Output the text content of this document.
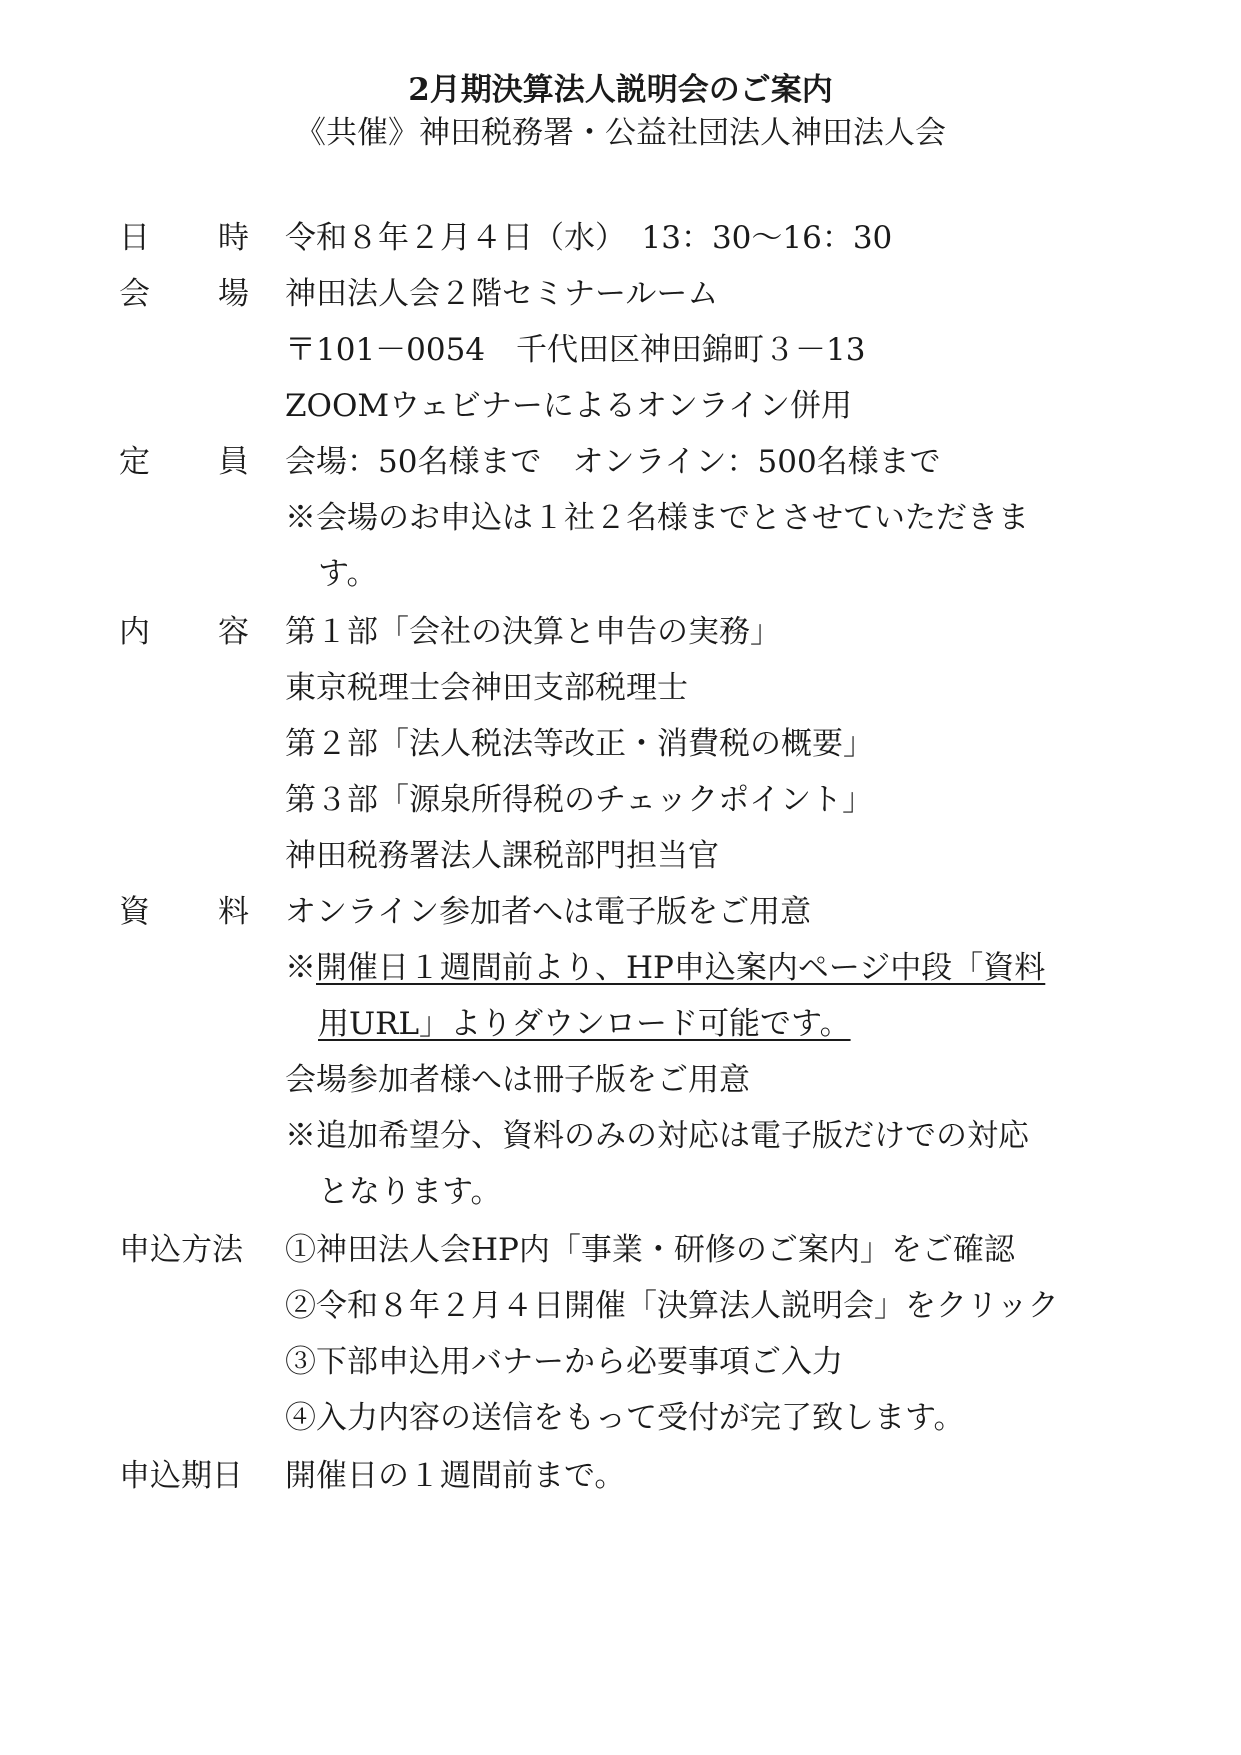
2月期決算法人説明会のご案内
《共催》神田税務署・公益社団法人神田法人会
日 時 令和８年２月４日（水）　13：30～16：30
会 場 神田法人会２階セミナールーム
〒101－0054　千代田区神田錦町３－13
ZOOMウェビナーによるオンライン併用
定 員 会場：50名様まで　オンライン：500名様まで
※会場のお申込は１社２名様までとさせていただきま
す。
内 容 第１部「会社の決算と申告の実務」
東京税理士会神田支部税理士
第２部「法人税法等改正・消費税の概要」
第３部「源泉所得税のチェックポイント」
神田税務署法人課税部門担当官
資 料 オンライン参加者へは電子版をご用意
※開催日１週間前より、HP申込案内ページ中段「資料
用URL」よりダウンロード可能です。
会場参加者様へは冊子版をご用意
※追加希望分、資料のみの対応は電子版だけでの対応
となります。
申込方法	①神田法人会HP内「事業・研修のご案内」をご確認
②令和８年２月４日開催「決算法人説明会」をクリック
③下部申込用バナーから必要事項ご入力
④入力内容の送信をもって受付が完了致します。
申込期日	開催日の１週間前まで。
